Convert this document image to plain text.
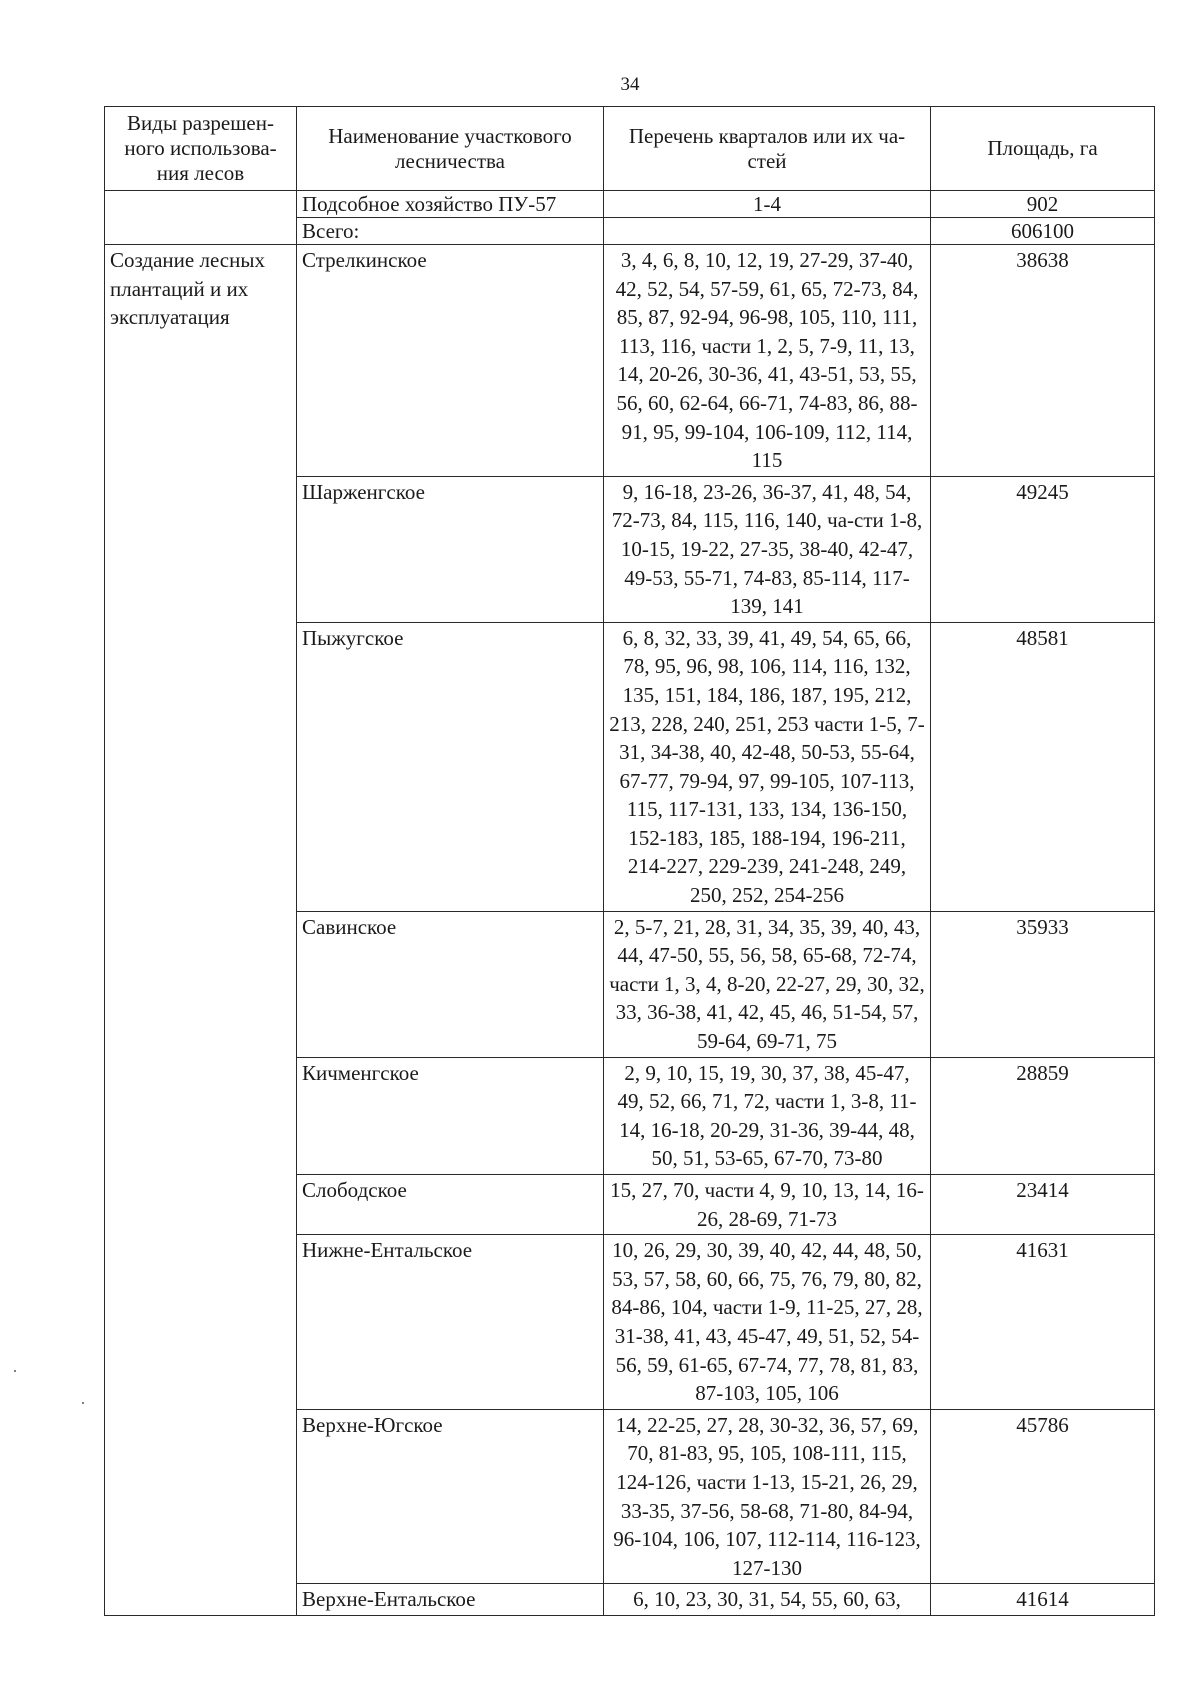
34
Виды разрешен-ного использова-ния лесов	Наименование участкового лесничества	Перечень кварталов или их ча-стей	Площадь, га
	Подсобное хозяйство ПУ-57	1-4	902
	Всего:		606100
Создание лесных плантаций и их эксплуатация	Стрелкинское	3, 4, 6, 8, 10, 12, 19, 27-29, 37-40, 42, 52, 54, 57-59, 61, 65, 72-73, 84, 85, 87, 92-94, 96-98, 105, 110, 111, 113, 116, части 1, 2, 5, 7-9, 11, 13, 14, 20-26, 30-36, 41, 43-51, 53, 55, 56, 60, 62-64, 66-71, 74-83, 86, 88-91, 95, 99-104, 106-109, 112, 114, 115	38638
	Шарженгское	9, 16-18, 23-26, 36-37, 41, 48, 54, 72-73, 84, 115, 116, 140, ча-сти 1-8, 10-15, 19-22, 27-35, 38-40, 42-47, 49-53, 55-71, 74-83, 85-114, 117-139, 141	49245
	Пыжугское	6, 8, 32, 33, 39, 41, 49, 54, 65, 66, 78, 95, 96, 98, 106, 114, 116, 132, 135, 151, 184, 186, 187, 195, 212, 213, 228, 240, 251, 253 части 1-5, 7-31, 34-38, 40, 42-48, 50-53, 55-64, 67-77, 79-94, 97, 99-105, 107-113, 115, 117-131, 133, 134, 136-150, 152-183, 185, 188-194, 196-211, 214-227, 229-239, 241-248, 249, 250, 252, 254-256	48581
	Савинское	2, 5-7, 21, 28, 31, 34, 35, 39, 40, 43, 44, 47-50, 55, 56, 58, 65-68, 72-74, части 1, 3, 4, 8-20, 22-27, 29, 30, 32, 33, 36-38, 41, 42, 45, 46, 51-54, 57, 59-64, 69-71, 75	35933
	Кичменгское	2, 9, 10, 15, 19, 30, 37, 38, 45-47, 49, 52, 66, 71, 72, части 1, 3-8, 11-14, 16-18, 20-29, 31-36, 39-44, 48, 50, 51, 53-65, 67-70, 73-80	28859
	Слободское	15, 27, 70, части 4, 9, 10, 13, 14, 16-26, 28-69, 71-73	23414
	Нижне-Ентальское	10, 26, 29, 30, 39, 40, 42, 44, 48, 50, 53, 57, 58, 60, 66, 75, 76, 79, 80, 82, 84-86, 104, части 1-9, 11-25, 27, 28, 31-38, 41, 43, 45-47, 49, 51, 52, 54-56, 59, 61-65, 67-74, 77, 78, 81, 83, 87-103, 105, 106	41631
	Верхне-Югское	14, 22-25, 27, 28, 30-32, 36, 57, 69, 70, 81-83, 95, 105, 108-111, 115, 124-126, части 1-13, 15-21, 26, 29, 33-35, 37-56, 58-68, 71-80, 84-94, 96-104, 106, 107, 112-114, 116-123, 127-130	45786
	Верхне-Ентальское	6, 10, 23, 30, 31, 54, 55, 60, 63,	41614
